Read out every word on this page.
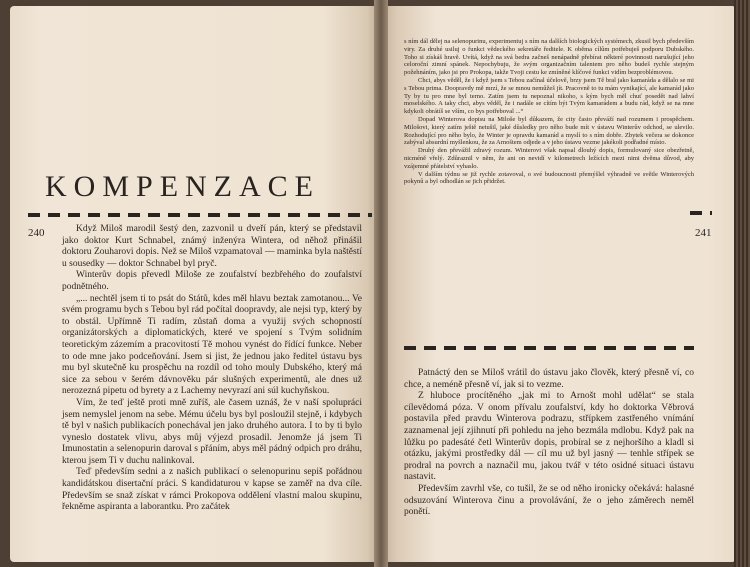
KOMPENZACE
240	Když Miloš marodil šestý den, zazvonil u dveří pán, který se představil jako doktor Kurt Schnabel, známý inženýra Wintera, od něhož přinášil doktoru Zouharovi dopis. Než se Miloš vzpamatoval — maminka byla naštěstí u sousedky — doktor Schnabel byl pryč.

Winterův dopis převedl Miloše ze zoufalství bezbřehého do zoufalství podnětného.

„... nechtěl jsem ti to psát do Států, kdes měl hlavu beztak zamotanou... Ve svém programu bych s Tebou byl rád počítal doopravdy, ale nejsi typ, který by to obstál. Upřímně Ti radím, zůstaň doma a využij svých schopností organizátorských a diplomatických, které ve spojení s Tvým solidním teoretickým zázemím a pracovitostí Tě mohou vynést do řídící funkce. Neber to ode mne jako podceňování. Jsem si jist, že jednou jako ředitel ústavu bys mu byl skutečně ku prospěchu na rozdíl od toho mouly Dubského, který má sice za sebou v šerém dávnověku pár slušných experimentů, ale dnes už nerozezná pipetu od byrety a z Lachemy nevyrazí ani súl kuchyňskou.

Vím, že teď ještě proti mně zuříš, ale časem uznáš, že v naší spolupráci jsem nemyslel jenom na sebe. Mému účelu bys byl posloužil stejně, i kdybych tě byl v našich publikacích ponechával jen jako druhého autora. I to by ti bylo vyneslo dostatek vlivu, abys můj výjezd prosadil. Jenomže já jsem Ti Imunostatin a selenopurin daroval s přáním, abys měl pádný odpich pro dráhu, kterou jsem Ti v duchu nalinkoval.

Teď především sedni a z našich publikací o selenopurinu sepiš pořádnou kandidátskou disertační práci. S kandidaturou v kapse se zaměř na dva cíle. Především se snaž získat v rámci Prokopova oddělení vlastní malou skupinu, řekněme aspiranta a laborantku. Pro začátek

s ním dál dělej na selenopurinu, experimentuj s ním na dalších biologických systémech, zkusil bych především viry. Za druhé usiluj o funkci vědeckého sekretáře ředitele. K oběma cílům potřebuješ podporu Dubského. Toho si získáš hravě. Uvítá, když na svá bedra začneš nenápadně přebírat některé povinnosti narušující jeho celoroční zimní spánek. Nepochybuju, že svým organizačním talentem pro něho budeš rychle stejným požehnáním, jako jsi pro Prokopa, takže Tvoji cestu ke zmíněné klíčové funkci vidím bezproblémovou.

Chci, abys věděl, že i když jsem s Tebou začínal účelově, brzy jsem Tě bral jako kamaráda a dělalo se mi s Tebou prima. Doopravdy mě mrzí, že se mnou nemůžeš jít. Pracovně to tu mám vynikající, ale kamarád jako Ty by tu pro mne byl terno. Zatím jsem tu nepoznal nikoho, s kým bych měl chuť posedět nad lahví moselského. A taky chci, abys věděl, že i nadále se cítím být Tvým kamarádem a budu rád, když se na mne kdykoli obrátíš se vším, co bys potřeboval ...“

Dopad Winterova dopisu na Miloše byl důkazem, že city často převáží nad rozumem i prospěchem. Milošovi, který zatím ještě netušil, jaké důsledky pro něho bude mít v ústavu Winterův odchod, se ulevilo. Rozhodující pro něho bylo, že Winter je opravdu kamarád a myslí to s ním dobře. Zbytek večera se dokonce zabýval absurdní myšlenkou, že za Arnoštem odjede a v jeho ústavu vezme jakékoli podřadné místo.

Druhý den převážil zdravý rozum. Winterovi však napsal dlouhý dopis, formulovaný sice obezřetně, nicméně vřelý. Zdůraznil v něm, že ani on nevidí v kilometrech ležících mezi nimi dvěma důvod, aby vzájemné přátelství vyhaslo.

V dalším týdnu se již rychle zotavoval, o své budoucnosti přemýšlel výhradně ve světle Winterových pokynů a byl odhodlán se jich přidržet.

241

Patnáctý den se Miloš vrátil do ústavu jako člověk, který přesně ví, co chce, a neméně přesně ví, jak si to vezme.

Z hluboce procítěného „jak mi to Arnošt mohl udělat“ se stala cílevědomá póza. V onom přívalu zoufalství, kdy ho doktorka Věbrová postavila před pravdu Winterova podrazu, střípkem zastřeného vnímání zaznamenal její zjihnutí při pohledu na jeho bezmála mdlobu. Když pak na lůžku po padesáté četl Winterův dopis, probíral se z nejhoršího a kladl si otázku, jakými prostředky dál — cíl mu už byl jasný — tenhle střípek se prodral na povrch a naznačil mu, jakou tvář v této osidné situaci ústavu nastavit.

Především zavrhl vše, co tušil, že se od něho ironicky očekává: halasné odsuzování Winterova činu a provolávání, že o jeho záměrech neměl ponětí.
